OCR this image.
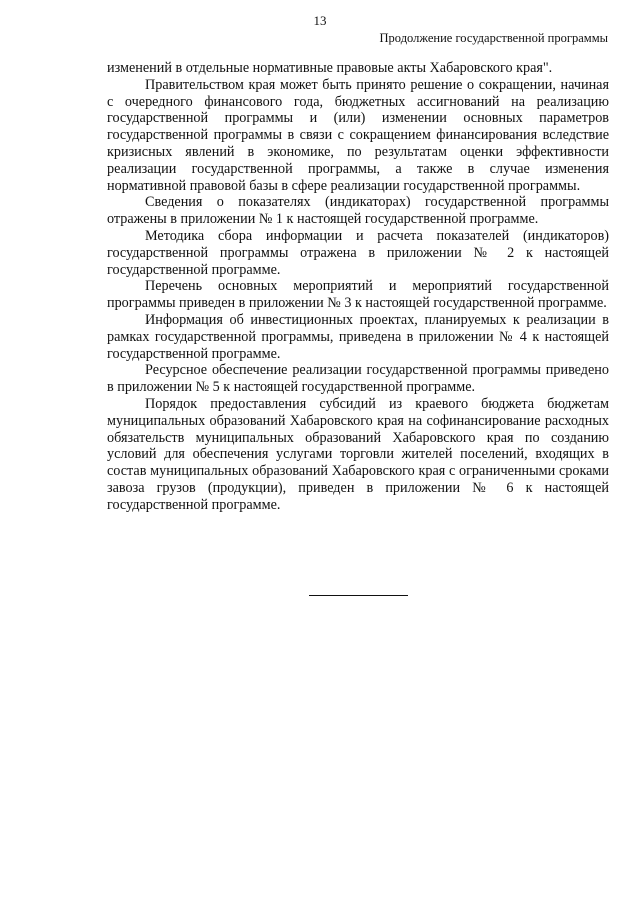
13
Продолжение государственной программы

изменений в отдельные нормативные правовые акты Хабаровского края".

Правительством края может быть принято решение о сокращении, начиная с очередного финансового года, бюджетных ассигнований на реализацию государственной программы и (или) изменении основных параметров государственной программы в связи с сокращением финансирования вследствие кризисных явлений в экономике, по результатам оценки эффективности реализации государственной программы, а также в случае изменения нормативной правовой базы в сфере реализации государственной программы.

Сведения о показателях (индикаторах) государственной программы отражены в приложении № 1 к настоящей государственной программе.

Методика сбора информации и расчета показателей (индикаторов) государственной программы отражена в приложении № 2 к настоящей государственной программе.

Перечень основных мероприятий и мероприятий государственной программы приведен в приложении № 3 к настоящей государственной программе.

Информация об инвестиционных проектах, планируемых к реализации в рамках государственной программы, приведена в приложении № 4 к настоящей государственной программе.

Ресурсное обеспечение реализации государственной программы приведено в приложении № 5 к настоящей государственной программе.

Порядок предоставления субсидий из краевого бюджета бюджетам муниципальных образований Хабаровского края на софинансирование расходных обязательств муниципальных образований Хабаровского края по созданию условий для обеспечения услугами торговли жителей поселений, входящих в состав муниципальных образований Хабаровского края с ограниченными сроками завоза грузов (продукции), приведен в приложении № 6 к настоящей государственной программе.
